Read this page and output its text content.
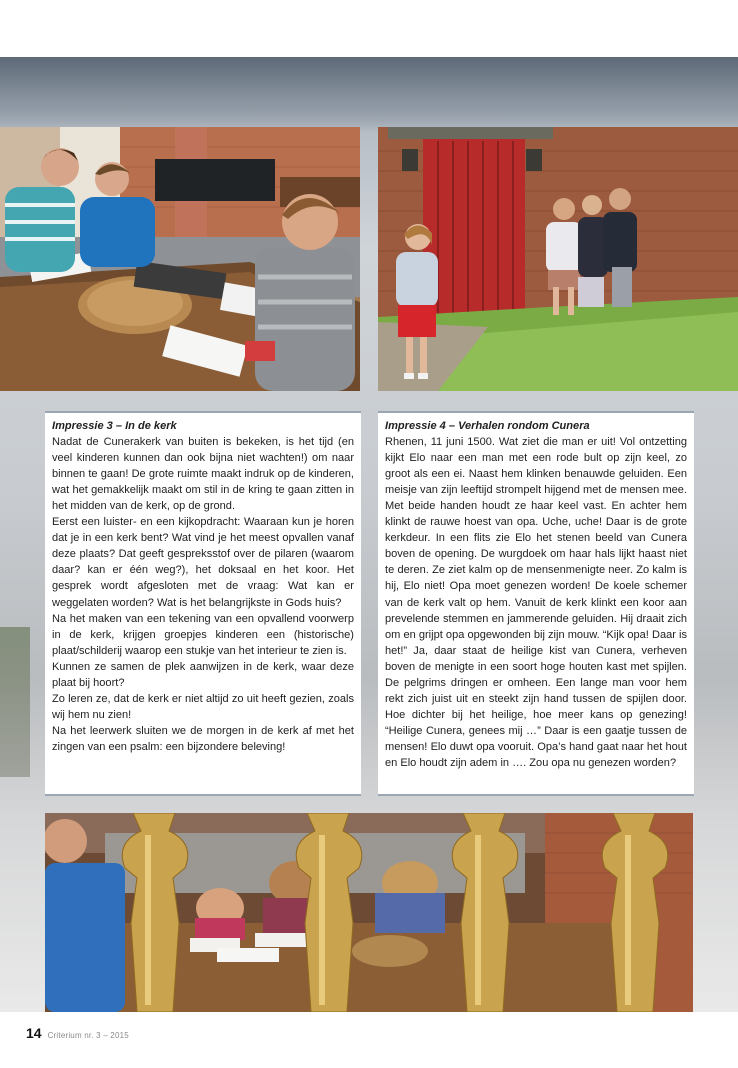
Impressie 3 – In de kerk

Nadat de Cunerakerk van buiten is bekeken, is het tijd (en veel kinderen kunnen dan ook bijna niet wachten!) om naar binnen te gaan! De grote ruimte maakt indruk op de kinderen, wat het gemakkelijk maakt om stil in de kring te gaan zitten in het midden van de kerk, op de grond.

Eerst een luister- en een kijkopdracht: Waaraan kun je horen dat je in een kerk bent? Wat vind je het meest opvallen vanaf deze plaats? Dat geeft gespreksstof over de pilaren (waarom daar? kan er één weg?), het doksaal en het koor. Het gesprek wordt afgesloten met de vraag: Wat kan er weggelaten worden? Wat is het belangrijkste in Gods huis?

Na het maken van een tekening van een opvallend voorwerp in de kerk, krijgen groepjes kinderen een (historische) plaat/schilderij waarop een stukje van het interieur te zien is.

Kunnen ze samen de plek aanwijzen in de kerk, waar deze plaat bij hoort?

Zo leren ze, dat de kerk er niet altijd zo uit heeft gezien, zoals wij hem nu zien!

Na het leerwerk sluiten we de morgen in de kerk af met het zingen van een psalm: een bijzondere beleving!

Impressie 4 – Verhalen rondom Cunera

Rhenen, 11 juni 1500. Wat ziet die man er uit! Vol ontzetting kijkt Elo naar een man met een rode bult op zijn keel, zo groot als een ei. Naast hem klinken benauwde geluiden. Een meisje van zijn leeftijd strompelt hijgend met de mensen mee. Met beide handen houdt ze haar keel vast. En achter hem klinkt de rauwe hoest van opa. Uche, uche! Daar is de grote kerkdeur. In een flits zie Elo het stenen beeld van Cunera boven de opening. De wurgdoek om haar hals lijkt haast niet te deren. Ze ziet kalm op de mensenmenigte neer. Zo kalm is hij, Elo niet! Opa moet genezen worden! De koele schemer van de kerk valt op hem. Vanuit de kerk klinkt een koor aan prevelende stemmen en jammerende geluiden. Hij draait zich om en grijpt opa opgewonden bij zijn mouw. “Kijk opa! Daar is het!” Ja, daar staat de heilige kist van Cunera, verheven boven de menigte in een soort hoge houten kast met spijlen. De pelgrims dringen er omheen. Een lange man voor hem rekt zich juist uit en steekt zijn hand tussen de spijlen door. Hoe dichter bij het heilige, hoe meer kans op genezing! “Heilige Cunera, genees mij …” Daar is een gaatje tussen de mensen! Elo duwt opa vooruit. Opa’s hand gaat naar het hout en Elo houdt zijn adem in …. Zou opa nu genezen worden?

14 Criterium nr. 3 – 2015
